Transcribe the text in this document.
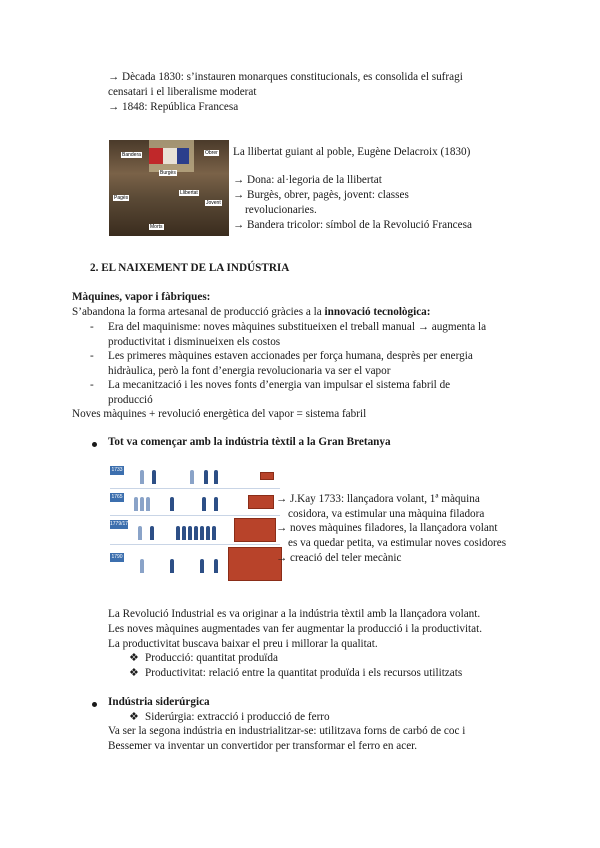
→ Dècada 1830: s’instauren monarques constitucionals, es consolida el sufragi
censatari i el liberalisme moderat
→ 1848: República Francesa
Bandera
Burgès
Obrer
Llibertat
Pagès
Jovent
Morts
La llibertat guiant al poble, Eugène Delacroix (1830)
→ Dona: al·legoria de la llibertat
→ Burgès, obrer, pagès, jovent: classes
revolucionaries.
→ Bandera tricolor: símbol de la Revolució Francesa
2. EL NAIXEMENT DE LA INDÚSTRIA
Màquines, vapor i fàbriques:
S’abandona la forma artesanal de producció gràcies a la innovació tecnològica:
- Era del maquinisme: noves màquines substitueixen el treball manual → augmenta la
productivitat i disminueixen els costos
- Les primeres màquines estaven accionades per força humana, desprès per energia
hidràulica, però la font d’energia revolucionaria va ser el vapor
- La mecanització i les noves fonts d’energia van impulsar el sistema fabril de
producció
Noves màquines + revolució energètica del vapor = sistema fabril
Tot va començar amb la indústria tèxtil a la Gran Bretanya
1733
1765
1779/1785
1790
→ J.Kay 1733: llançadora volant, 1ª màquina
cosidora, va estimular una màquina filadora
→ noves màquines filadores, la llançadora volant
es va quedar petita, va estimular noves cosidores
→ creació del teler mecànic
La Revolució Industrial es va originar a la indústria tèxtil amb la llançadora volant.
Les noves màquines augmentades van fer augmentar la producció i la productivitat.
La productivitat buscava baixar el preu i millorar la qualitat.
❖ Producció: quantitat produïda
❖ Productivitat: relació entre la quantitat produïda i els recursos utilitzats
Indústria siderúrgica
❖ Siderúrgia: extracció i producció de ferro
Va ser la segona indústria en industrialitzar-se: utilitzava forns de carbó de coc i
Bessemer va inventar un convertidor per transformar el ferro en acer.
